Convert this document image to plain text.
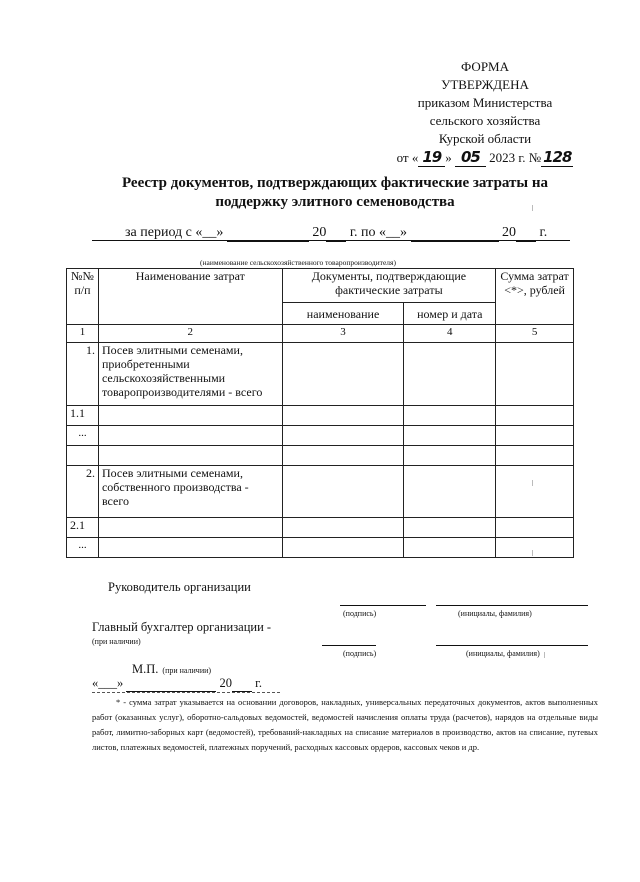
ФОРМА
УТВЕРЖДЕНА
приказом Министерства
сельского хозяйства
Курской области
от « 19 » 05 2023 г. № 128
Реестр документов, подтверждающих фактические затраты на
поддержку элитного семеноводства
за период с «__»	20 г. по «__»	20 г.
(наименование сельскохозяйственного товаропроизводителя)
№№ п/п	Наименование затрат	Документы, подтверждающие фактические затраты		Сумма затрат <*>, рублей
		наименование	номер и дата	
1	2	3	4	5
1.	Посев элитными семенами, приобретенными сельскохозяйственными товаропроизводителями - всего			
1.1				
...				

2.	Посев элитными семенами, собственного производства - всего			
2.1				
...				
Руководитель организации
(подпись)	(инициалы, фамилия)
Главный бухгалтер организации -
(при наличии)
(подпись)	(инициалы, фамилия)
М.П. (при наличии)
«___»	20 г.
* - сумма затрат указывается на основании договоров, накладных, универсальных передаточных документов, актов выполненных работ (оказанных услуг), оборотно-сальдовых ведомостей, ведомостей начисления оплаты труда (расчетов), нарядов на отдельные виды работ, лимитно-заборных карт (ведомостей), требований-накладных на списание материалов в производство, актов на списание, путевых листов, платежных ведомостей, платежных поручений, расходных кассовых ордеров, кассовых чеков и др.
